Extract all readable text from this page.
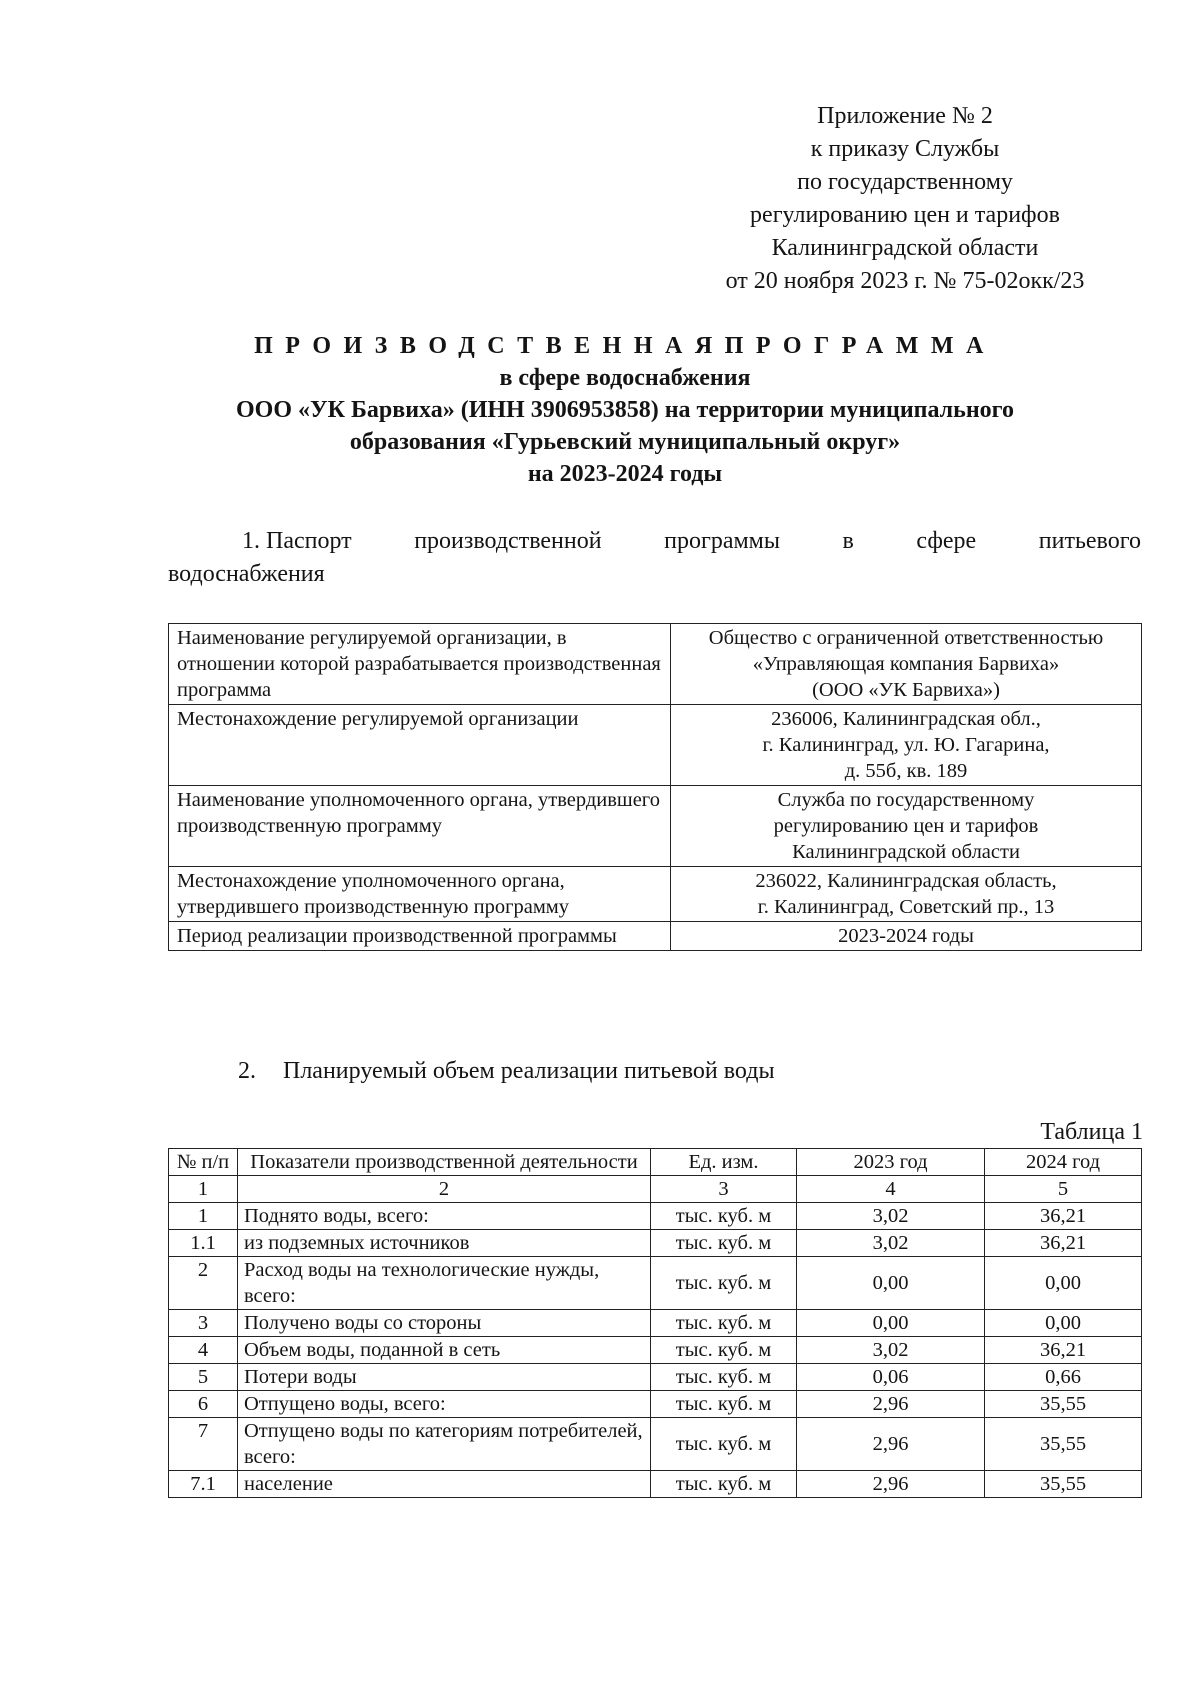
Приложение № 2
к приказу Службы
по государственному
регулированию цен и тарифов
Калининградской области
от 20 ноября 2023 г. № 75-02окк/23
ПРОИЗВОДСТВЕННАЯПРОГРАММА
в сфере водоснабжения
ООО «УК Барвиха» (ИНН 3906953858) на территории муниципального
образования «Гурьевский муниципальный округ»
на 2023-2024 годы
1. Паспорт	производственной	программы	в	сфере	питьевого
водоснабжения
Наименование регулируемой организации, в отношении которой разрабатывается производственная программа	Общество с ограниченной ответственностью
«Управляющая компания Барвиха»
(ООО «УК Барвиха»)

Местонахождение регулируемой организации	236006, Калининградская обл.,
г. Калининград, ул. Ю. Гагарина,
д. 55б, кв. 189

Наименование уполномоченного органа, утвердившего производственную программу	Служба по государственному
регулированию цен и тарифов
Калининградской области

Местонахождение уполномоченного органа, утвердившего производственную программу	236022, Калининградская область,
г. Калининград, Советский пр., 13

Период реализации производственной программы	2023-2024 годы
2. Планируемый объем реализации питьевой воды
Таблица 1
№ п/п	Показатели производственной деятельности	Ед. изм.	2023 год	2024 год
1	2	3	4	5
1	Поднято воды, всего:	тыс. куб. м	3,02	36,21
1.1	из подземных источников	тыс. куб. м	3,02	36,21
2	Расход воды на технологические нужды, всего:	тыс. куб. м	0,00	0,00
3	Получено воды со стороны	тыс. куб. м	0,00	0,00
4	Объем воды, поданной в сеть	тыс. куб. м	3,02	36,21
5	Потери воды	тыс. куб. м	0,06	0,66
6	Отпущено воды, всего:	тыс. куб. м	2,96	35,55
7	Отпущено воды по категориям потребителей, всего:	тыс. куб. м	2,96	35,55
7.1	население	тыс. куб. м	2,96	35,55
